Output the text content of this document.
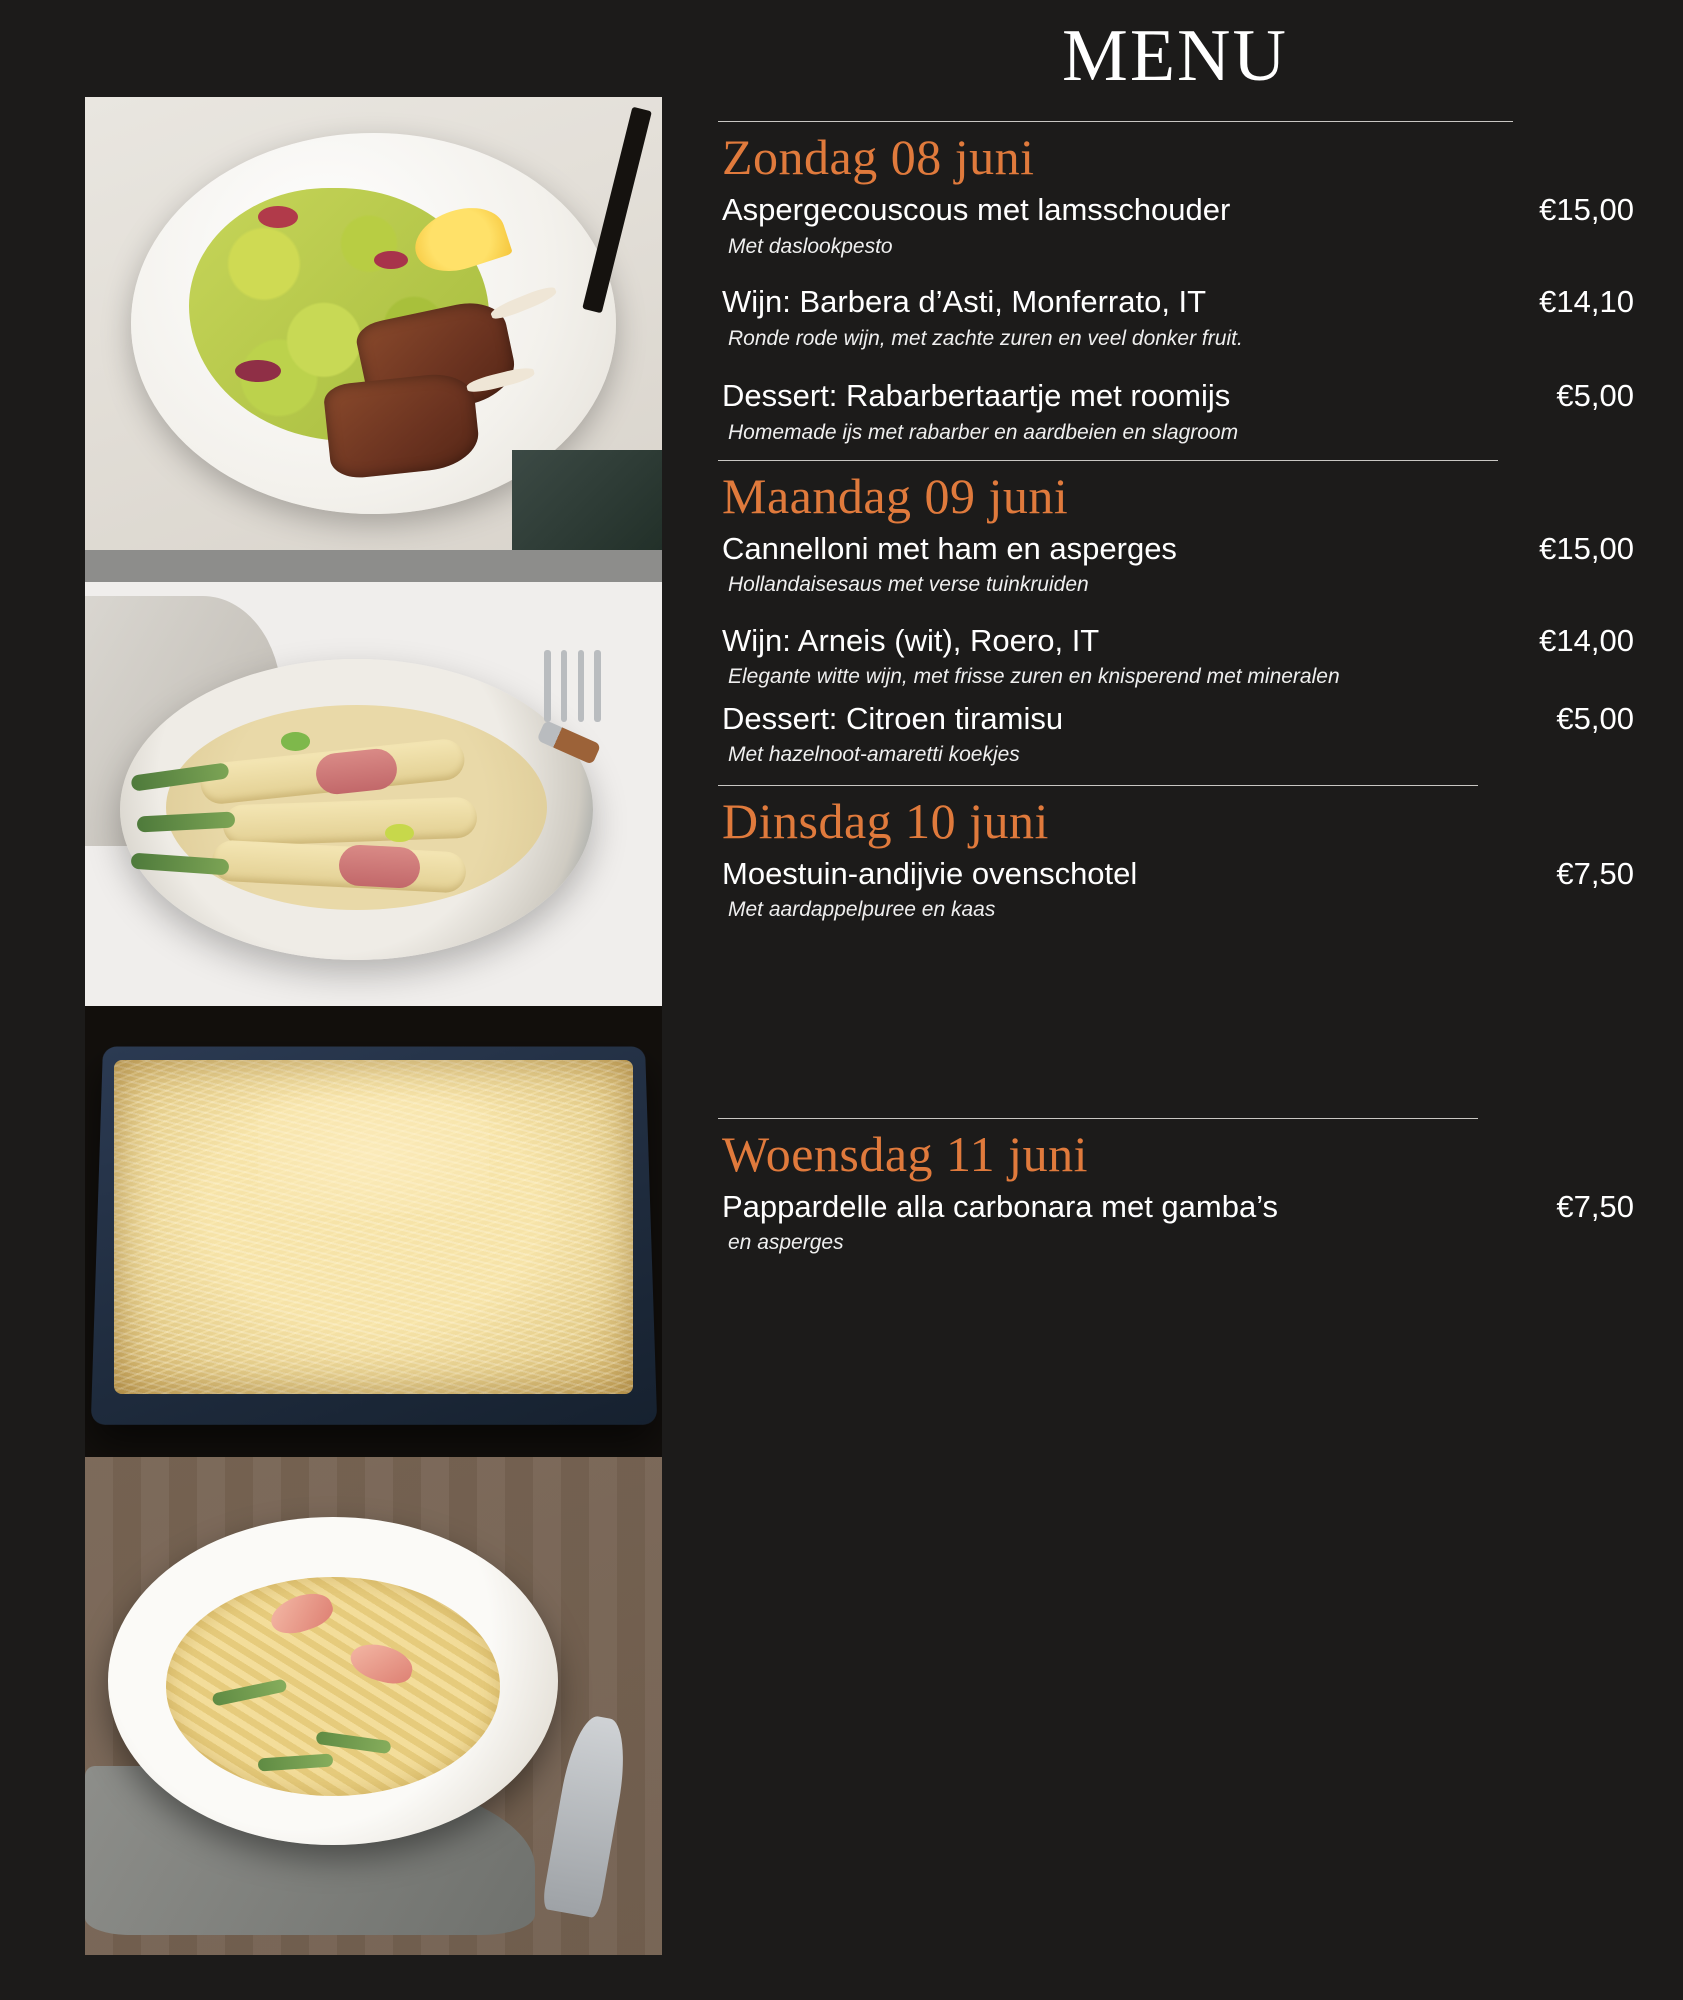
MENU
Zondag 08 juni
Aspergecouscous met lamsschouder
Met daslookpesto
€15,00
Wijn: Barbera d’Asti, Monferrato, IT
Ronde rode wijn, met zachte zuren en veel donker fruit.
€14,10
Dessert: Rabarbertaartje met roomijs
Homemade ijs met rabarber en aardbeien en slagroom
€5,00
Maandag 09 juni
Cannelloni met ham en asperges
Hollandaisesaus met verse tuinkruiden
€15,00
Wijn: Arneis (wit), Roero, IT
Elegante witte wijn, met frisse zuren en knisperend met mineralen
€14,00
Dessert: Citroen tiramisu
Met hazelnoot-amaretti koekjes
€5,00
Dinsdag 10 juni
Moestuin-andijvie ovenschotel
Met aardappelpuree en kaas
€7,50
Woensdag 11 juni
Pappardelle alla carbonara met gamba’s
en asperges
€7,50
